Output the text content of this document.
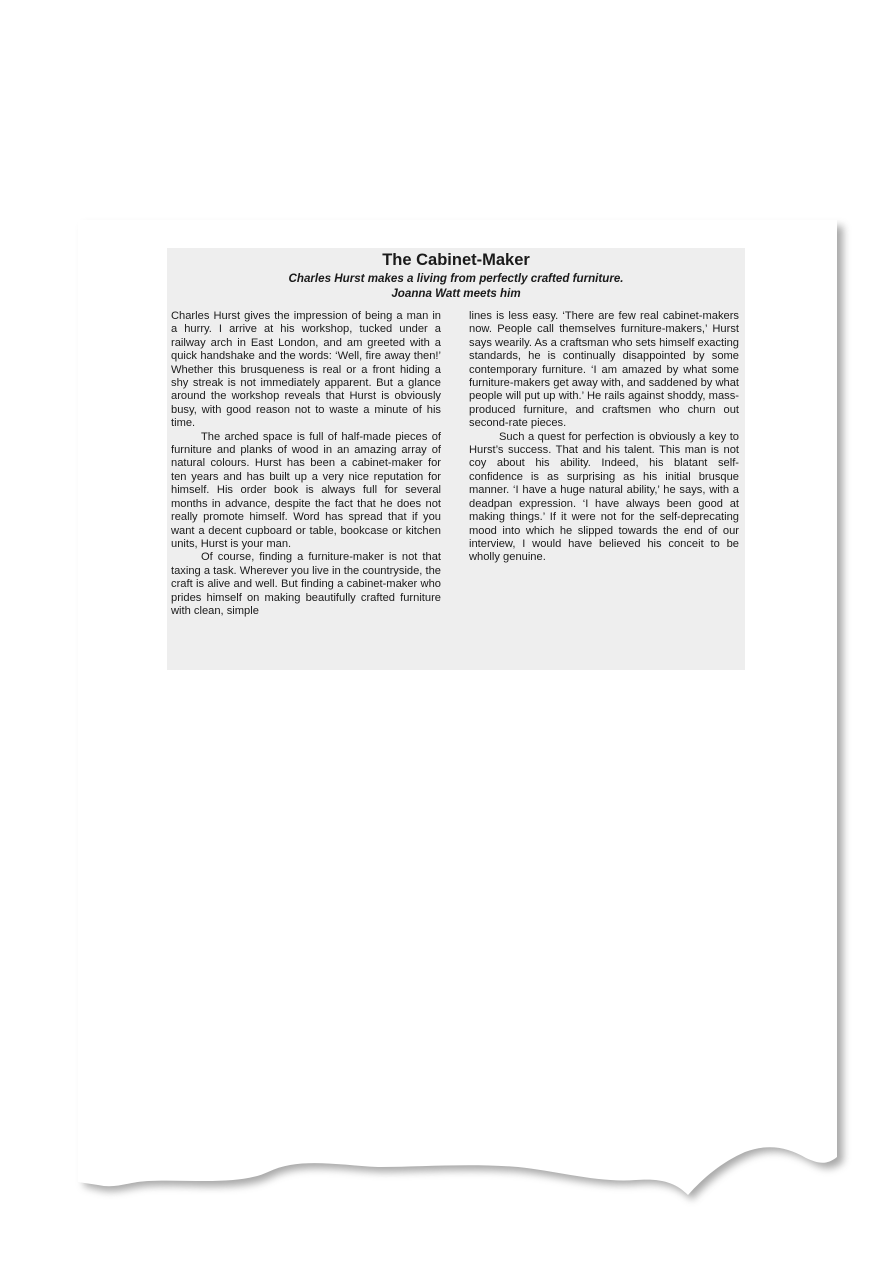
The Cabinet-Maker
Charles Hurst makes a living from perfectly crafted furniture.
Joanna Watt meets him

Charles Hurst gives the impression of being a man in a hurry. I arrive at his workshop, tucked under a railway arch in East London, and am greeted with a quick handshake and the words: ‘Well, fire away then!’ Whether this brusqueness is real or a front hiding a shy streak is not immediately apparent. But a glance around the workshop reveals that Hurst is obviously busy, with good reason not to waste a minute of his time.

The arched space is full of half-made pieces of furniture and planks of wood in an amazing array of natural colours. Hurst has been a cabinet-maker for ten years and has built up a very nice reputation for himself. His order book is always full for several months in advance, despite the fact that he does not really promote himself. Word has spread that if you want a decent cupboard or table, bookcase or kitchen units, Hurst is your man.

Of course, finding a furniture-maker is not that taxing a task. Wherever you live in the countryside, the craft is alive and well. But finding a cabinet-maker who prides himself on making beautifully crafted furniture with clean, simple

lines is less easy. ‘There are few real cabinet-makers now. People call themselves furniture-makers,’ Hurst says wearily. As a craftsman who sets himself exacting standards, he is continually disappointed by some contemporary furniture. ‘I am amazed by what some furniture-makers get away with, and saddened by what people will put up with.’ He rails against shoddy, mass-produced furniture, and craftsmen who churn out second-rate pieces.

Such a quest for perfection is obviously a key to Hurst’s success. That and his talent. This man is not coy about his ability. Indeed, his blatant self-confidence is as surprising as his initial brusque manner. ‘I have a huge natural ability,’ he says, with a deadpan expression. ‘I have always been good at making things.’ If it were not for the self-deprecating mood into which he slipped towards the end of our interview, I would have believed his conceit to be wholly genuine.
